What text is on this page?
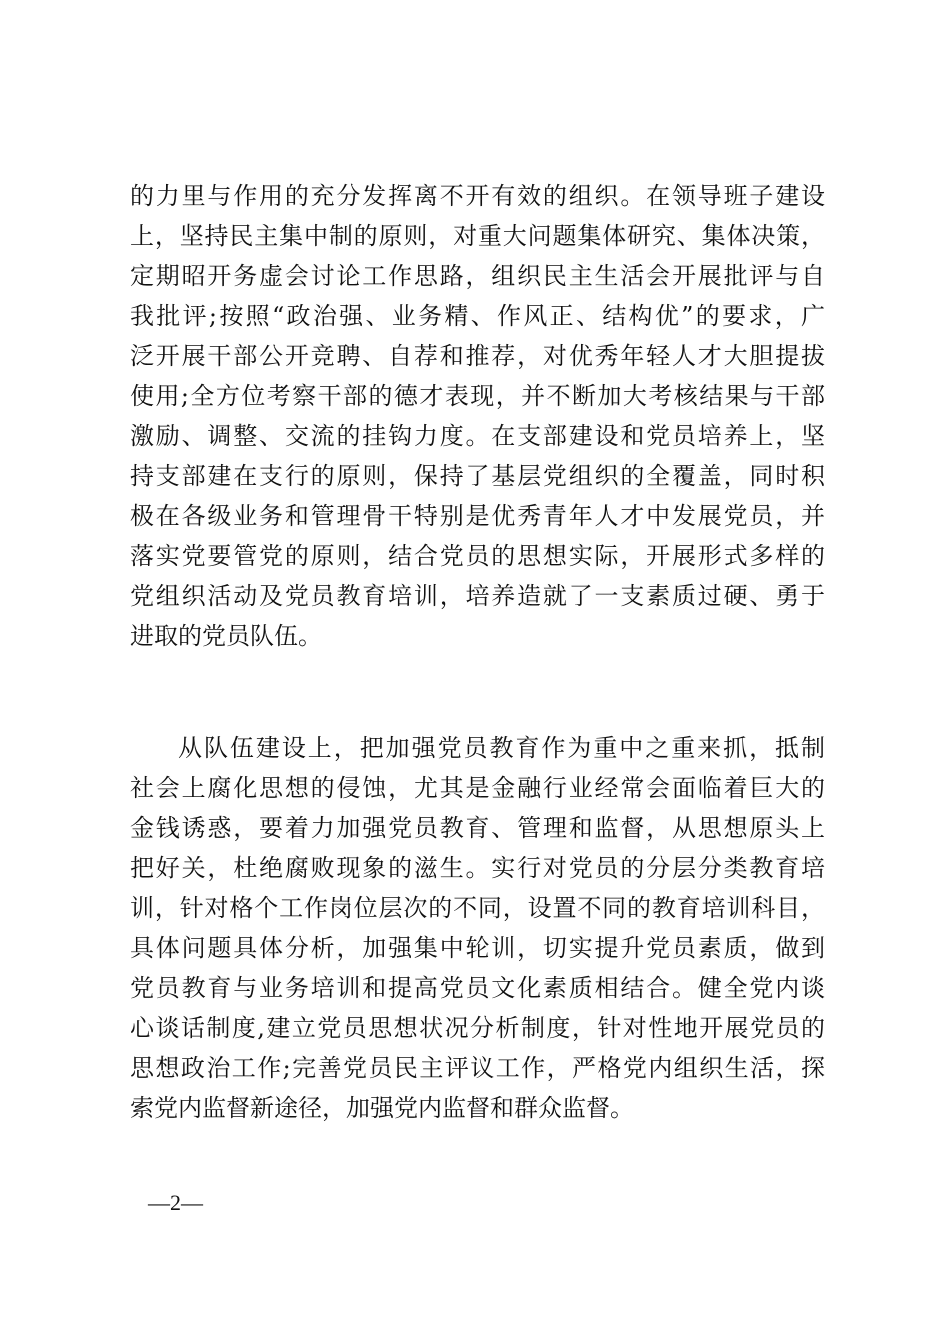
的力里与作用的充分发挥离不开有效的组织。在领导班子建设
上，坚持民主集中制的原则，对重大问题集体研究、集体决策，
定期昭开务虚会讨论工作思路，组织民主生活会开展批评与自
我批评;按照“政治强、业务精、作风正、结构优”的要求，广
泛开展干部公开竞聘、自荐和推荐，对优秀年轻人才大胆提拔
使用;全方位考察干部的德才表现，并不断加大考核结果与干部
激励、调整、交流的挂钩力度。在支部建设和党员培养上，坚
持支部建在支行的原则，保持了基层党组织的全覆盖，同时积
极在各级业务和管理骨干特别是优秀青年人才中发展党员，并
落实党要管党的原则，结合党员的思想实际，开展形式多样的
党组织活动及党员教育培训，培养造就了一支素质过硬、勇于
进取的党员队伍。
从队伍建设上，把加强党员教育作为重中之重来抓，抵制
社会上腐化思想的侵蚀，尤其是金融行业经常会面临着巨大的
金钱诱惑，要着力加强党员教育、管理和监督，从思想原头上
把好关，杜绝腐败现象的滋生。实行对党员的分层分类教育培
训，针对格个工作岗位层次的不同，设置不同的教育培训科目，
具体问题具体分析，加强集中轮训，切实提升党员素质，做到
党员教育与业务培训和提高党员文化素质相结合。健全党内谈
心谈话制度,建立党员思想状况分析制度，针对性地开展党员的
思想政治工作;完善党员民主评议工作，严格党内组织生活，探
索党内监督新途径，加强党内监督和群众监督。
—2—
